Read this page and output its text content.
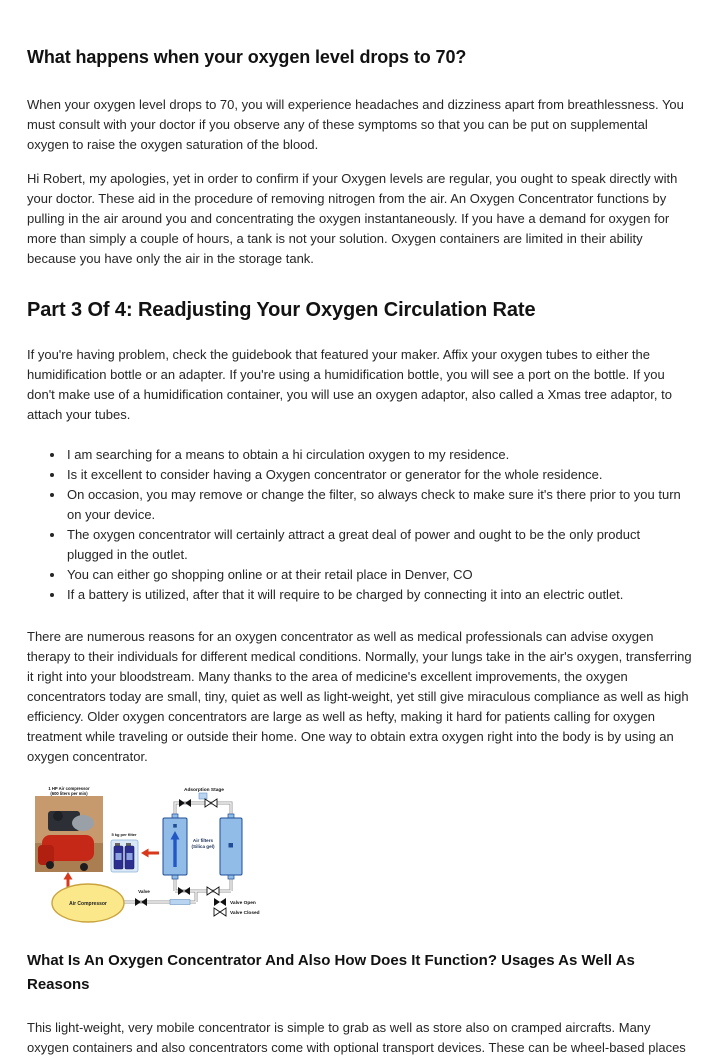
What happens when your oxygen level drops to 70?

When your oxygen level drops to 70, you will experience headaches and dizziness apart from breathlessness. You must consult with your doctor if you observe any of these symptoms so that you can be put on supplemental oxygen to raise the oxygen saturation of the blood.

Hi Robert, my apologies, yet in order to confirm if your Oxygen levels are regular, you ought to speak directly with your doctor. These aid in the procedure of removing nitrogen from the air. An Oxygen Concentrator functions by pulling in the air around you and concentrating the oxygen instantaneously. If you have a demand for oxygen for more than simply a couple of hours, a tank is not your solution. Oxygen containers are limited in their ability because you have only the air in the storage tank.

Part 3 Of 4: Readjusting Your Oxygen Circulation Rate

If you're having problem, check the guidebook that featured your maker. Affix your oxygen tubes to either the humidification bottle or an adapter. If you're using a humidification bottle, you will see a port on the bottle. If you don't make use of a humidification container, you will use an oxygen adaptor, also called a Xmas tree adaptor, to attach your tubes.

• I am searching for a means to obtain a hi circulation oxygen to my residence.
• Is it excellent to consider having a Oxygen concentrator or generator for the whole residence.
• On occasion, you may remove or change the filter, so always check to make sure it's there prior to you turn on your device.
• The oxygen concentrator will certainly attract a great deal of power and ought to be the only product plugged in the outlet.
• You can either go shopping online or at their retail place in Denver, CO
• If a battery is utilized, after that it will require to be charged by connecting it into an electric outlet.

There are numerous reasons for an oxygen concentrator as well as medical professionals can advise oxygen therapy to their individuals for different medical conditions. Normally, your lungs take in the air's oxygen, transferring it right into your bloodstream. Many thanks to the area of medicine's excellent improvements, the oxygen concentrators today are small, tiny, quiet as well as light-weight, yet still give miraculous compliance as well as high efficiency. Older oxygen concentrators are large as well as hefty, making it hard for patients calling for oxygen treatment while traveling or outside their home. One way to obtain extra oxygen right into the body is by using an oxygen concentrator.

1 HP Air compressor
(600 liters per min)
5 kg per filter
Adsorption Stage
Air filters
(Silica gel)
Valve
Air Compressor	Valve Open
Valve Closed
What Is An Oxygen Concentrator And Also How Does It Function? Usages As Well As Reasons

This light-weight, very mobile concentrator is simple to grab as well as store also on cramped aircrafts. Many oxygen containers and also concentrators come with optional transport devices. These can be wheel-based places
